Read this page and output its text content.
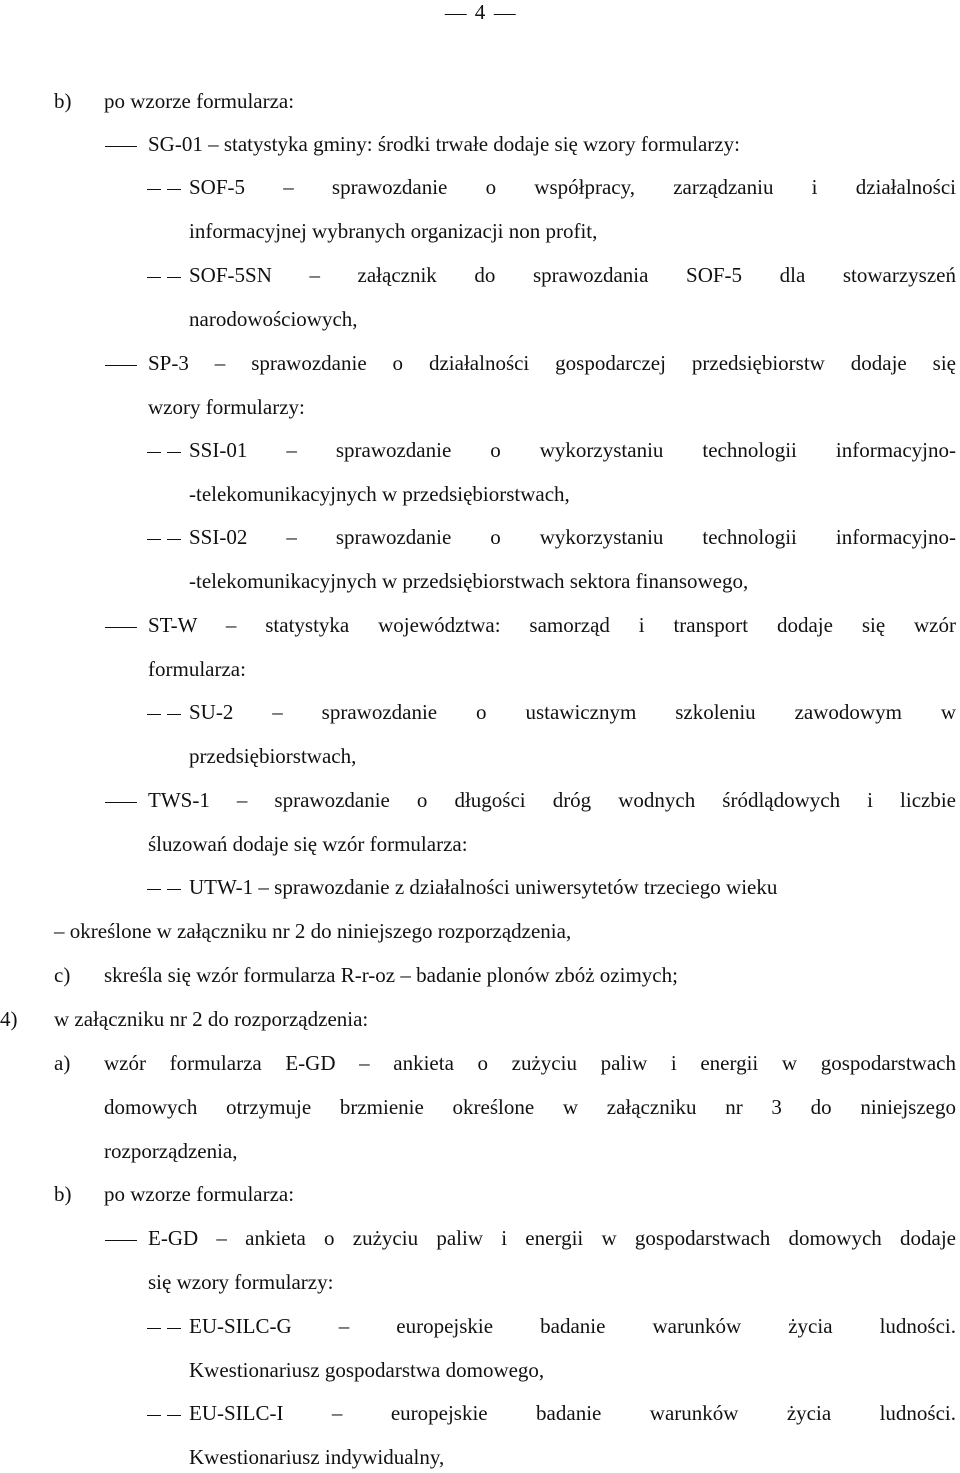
4
b) po wzorze formularza:
SG-01 – statystyka gminy: środki trwałe dodaje się wzory formularzy:
SOF-5 – sprawozdanie o współpracy, zarządzaniu i działalności
informacyjnej wybranych organizacji non profit,
SOF-5SN – załącznik do sprawozdania SOF-5 dla stowarzyszeń
narodowościowych,
SP-3 – sprawozdanie o działalności gospodarczej przedsiębiorstw dodaje się
wzory formularzy:
SSI-01 – sprawozdanie o wykorzystaniu technologii informacyjno-
-telekomunikacyjnych w przedsiębiorstwach,
SSI-02 – sprawozdanie o wykorzystaniu technologii informacyjno-
-telekomunikacyjnych w przedsiębiorstwach sektora finansowego,
ST-W – statystyka województwa: samorząd i transport dodaje się wzór
formularza:
SU-2 – sprawozdanie o ustawicznym szkoleniu zawodowym w
przedsiębiorstwach,
TWS-1 – sprawozdanie o długości dróg wodnych śródlądowych i liczbie
śluzowań dodaje się wzór formularza:
UTW-1 – sprawozdanie z działalności uniwersytetów trzeciego wieku
– określone w załączniku nr 2 do niniejszego rozporządzenia,
c) skreśla się wzór formularza R-r-oz – badanie plonów zbóż ozimych;
4) w załączniku nr 2 do rozporządzenia:
a) wzór formularza E-GD – ankieta o zużyciu paliw i energii w gospodarstwach
domowych otrzymuje brzmienie określone w załączniku nr 3 do niniejszego
rozporządzenia,
b) po wzorze formularza:
E-GD – ankieta o zużyciu paliw i energii w gospodarstwach domowych dodaje
się wzory formularzy:
EU-SILC-G – europejskie badanie warunków życia ludności.
Kwestionariusz gospodarstwa domowego,
EU-SILC-I – europejskie badanie warunków życia ludności.
Kwestionariusz indywidualny,
